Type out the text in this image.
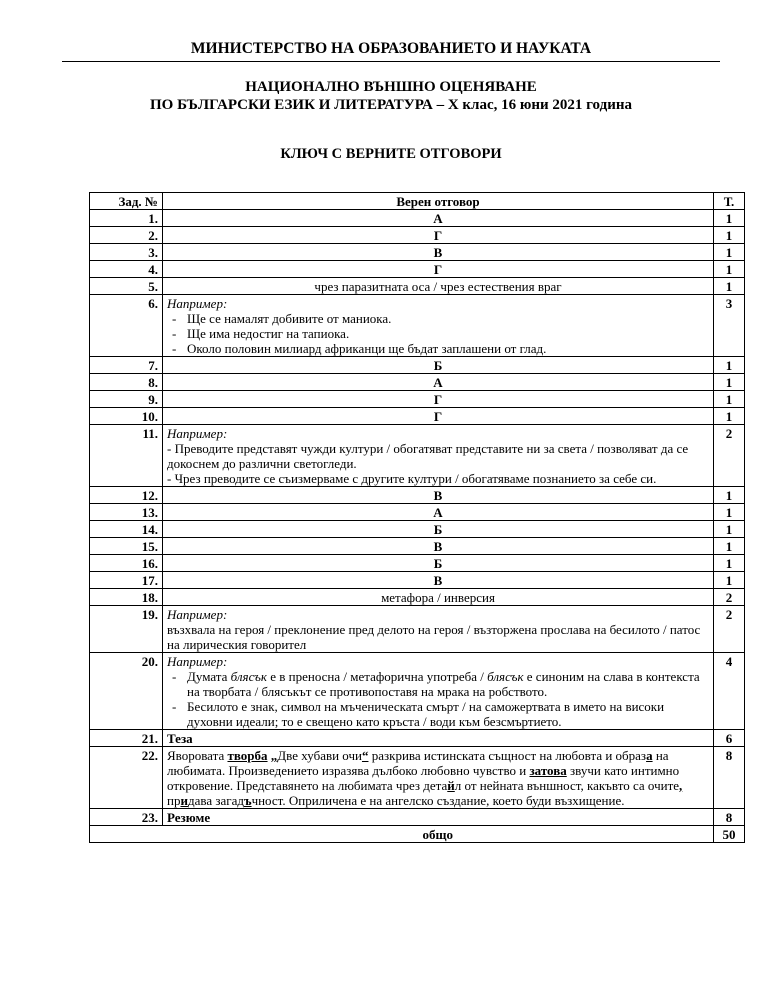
МИНИСТЕРСТВО НА ОБРАЗОВАНИЕТО И НАУКАТА
НАЦИОНАЛНО ВЪНШНО ОЦЕНЯВАНЕ
ПО БЪЛГАРСКИ ЕЗИК И ЛИТЕРАТУРА – X клас, 16 юни 2021 година
КЛЮЧ С ВЕРНИТЕ ОТГОВОРИ
Зад. №	Верен отговор	Т.
1.	А	1
2.	Г	1
3.	В	1
4.	Г	1
5.	чрез паразитната оса / чрез естествения враг	1
6.	Например:
- Ще се намалят добивите от маниока.
- Ще има недостиг на тапиока.
- Около половин милиард африканци ще бъдат заплашени от глад.	3
7.	Б	1
8.	А	1
9.	Г	1
10.	Г	1
11.	Например:
- Преводите представят чужди култури / обогатяват представите ни за света / позволяват да се докоснем до различни светогледи.
- Чрез преводите се съизмерваме с другите култури / обогатяваме познанието за себе си.	2
12.	В	1
13.	А	1
14.	Б	1
15.	В	1
16.	Б	1
17.	В	1
18.	метафора / инверсия	2
19.	Например:
възхвала на героя / преклонение пред делото на героя / възторжена прослава на бесилото / патос на лирическия говорител	2
20.	Например:
- Думата блясък е в преносна / метафорична употреба / блясък е синоним на слава в контекста на творбата / блясъкът се противопоставя на мрака на робството.
- Бесилото е знак, символ на мъченическата смърт / на саможертвата в името на високи духовни идеали; то е свещено като кръста / води към безсмъртието.	4
21.	Теза	6
22.	Яворовата творба „Две хубави очи“ разкрива истинската същност на любовта и образа на любимата. Произведението изразява дълбоко любовно чувство и затова звучи като интимно откровение. Представянето на любимата чрез детайл от нейната външност, какъвто са очите, придава загадъчност. Оприличена е на ангелско създание, което буди възхищение.	8
23.	Резюме	8
	общо	50
